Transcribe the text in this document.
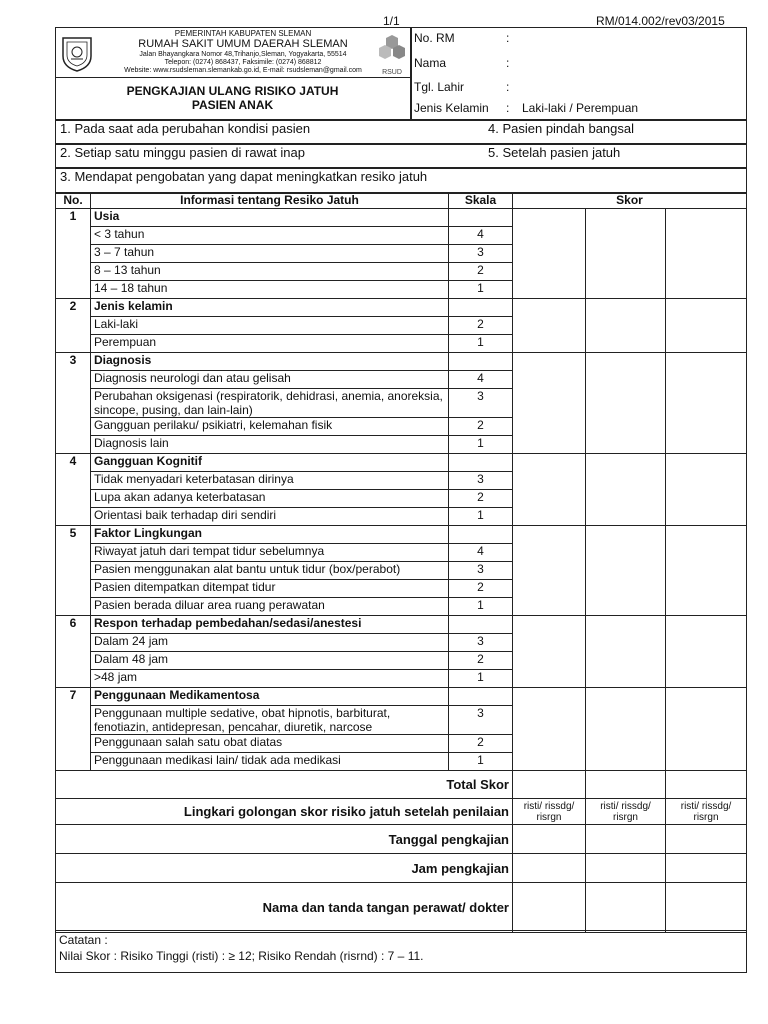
1/1	RM/014.002/rev03/2015
PEMERINTAH KABUPATEN SLEMAN
RUMAH SAKIT UMUM DAERAH SLEMAN
Jalan Bhayangkara Nomor 48,Trihanjo,Sleman, Yogyakarta, 55514
Telepon: (0274) 868437, Faksimile: (0274) 868812
Website: www.rsudsleman.slemankab.go.id, E-mail: rsudsleman@gmail.com	RSUD
PENGKAJIAN ULANG RISIKO JATUH
PASIEN ANAK
No. RM	:
Nama	:
Tgl. Lahir	:
Jenis Kelamin : Laki-laki / Perempuan
1. Pada saat ada perubahan kondisi pasien	4. Pasien pindah bangsal
2. Setiap satu minggu pasien di rawat inap	5. Setelah pasien jatuh
3. Mendapat pengobatan yang dapat meningkatkan resiko jatuh
No.	Informasi tentang Resiko Jatuh	Skala	Skor		
1	Usia				
	< 3 tahun	4			
	3 – 7 tahun	3			
	8 – 13 tahun	2			
	14 – 18 tahun	1			
2	Jenis kelamin				
	Laki-laki	2			
	Perempuan	1			
3	Diagnosis				
	Diagnosis neurologi dan atau gelisah	4			
	Perubahan oksigenasi (respiratorik, dehidrasi, anemia, anoreksia, sincope, pusing, dan lain-lain)	3			
	Gangguan perilaku/ psikiatri, kelemahan fisik	2			
	Diagnosis lain	1			
4	Gangguan Kognitif				
	Tidak menyadari keterbatasan dirinya	3			
	Lupa akan adanya keterbatasan	2			
	Orientasi baik terhadap diri sendiri	1			
5	Faktor Lingkungan				
	Riwayat jatuh dari tempat tidur sebelumnya	4			
	Pasien menggunakan alat bantu untuk tidur (box/perabot)	3			
	Pasien ditempatkan ditempat tidur	2			
	Pasien berada diluar area ruang perawatan	1			
6	Respon terhadap pembedahan/sedasi/anestesi				
	Dalam 24 jam	3			
	Dalam 48 jam	2			
	>48 jam	1			
7	Penggunaan Medikamentosa				
	Penggunaan multiple sedative, obat hipnotis, barbiturat, fenotiazin, antidepresan, pencahar, diuretik, narcose	3			
	Penggunaan salah satu obat diatas	2			
	Penggunaan medikasi lain/ tidak ada medikasi	1			
Total Skor					
Lingkari golongan skor risiko jatuh setelah penilaian			risti/ rissdg/ risrgn	risti/ rissdg/ risrgn	risti/ rissdg/ risrgn
Tanggal pengkajian					
Jam pengkajian					
Nama dan tanda tangan perawat/ dokter					
Catatan :
Nilai Skor : Risiko Tinggi (risti) : ≥ 12; Risiko Rendah (risrnd) : 7 – 11.
